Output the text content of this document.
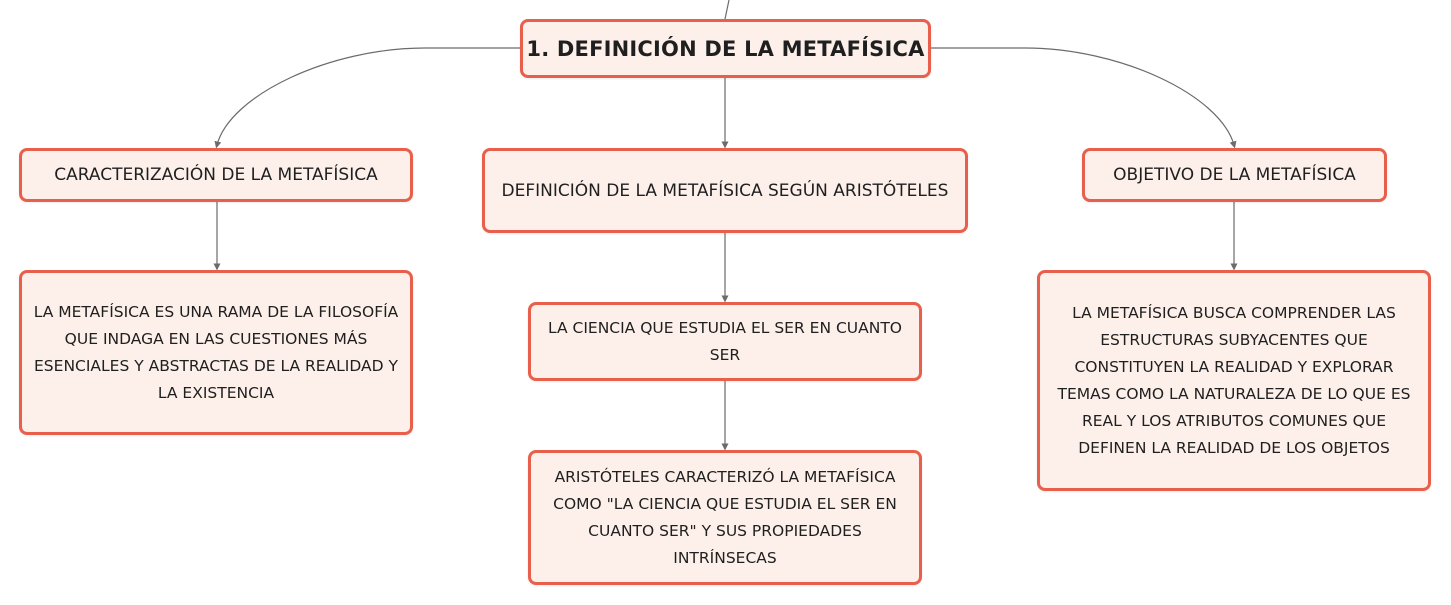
1. DEFINICIÓN DE LA METAFÍSICA
CARACTERIZACIÓN DE LA METAFÍSICA
DEFINICIÓN DE LA METAFÍSICA SEGÚN ARISTÓTELES
OBJETIVO DE LA METAFÍSICA
LA METAFÍSICA ES UNA RAMA DE LA FILOSOFÍA QUE INDAGA EN LAS CUESTIONES MÁS ESENCIALES Y ABSTRACTAS DE LA REALIDAD Y LA EXISTENCIA
LA CIENCIA QUE ESTUDIA EL SER EN CUANTO SER
ARISTÓTELES CARACTERIZÓ LA METAFÍSICA COMO "LA CIENCIA QUE ESTUDIA EL SER EN CUANTO SER" Y SUS PROPIEDADES INTRÍNSECAS
LA METAFÍSICA BUSCA COMPRENDER LAS ESTRUCTURAS SUBYACENTES QUE CONSTITUYEN LA REALIDAD Y EXPLORAR TEMAS COMO LA NATURALEZA DE LO QUE ES REAL Y LOS ATRIBUTOS COMUNES QUE DEFINEN LA REALIDAD DE LOS OBJETOS
